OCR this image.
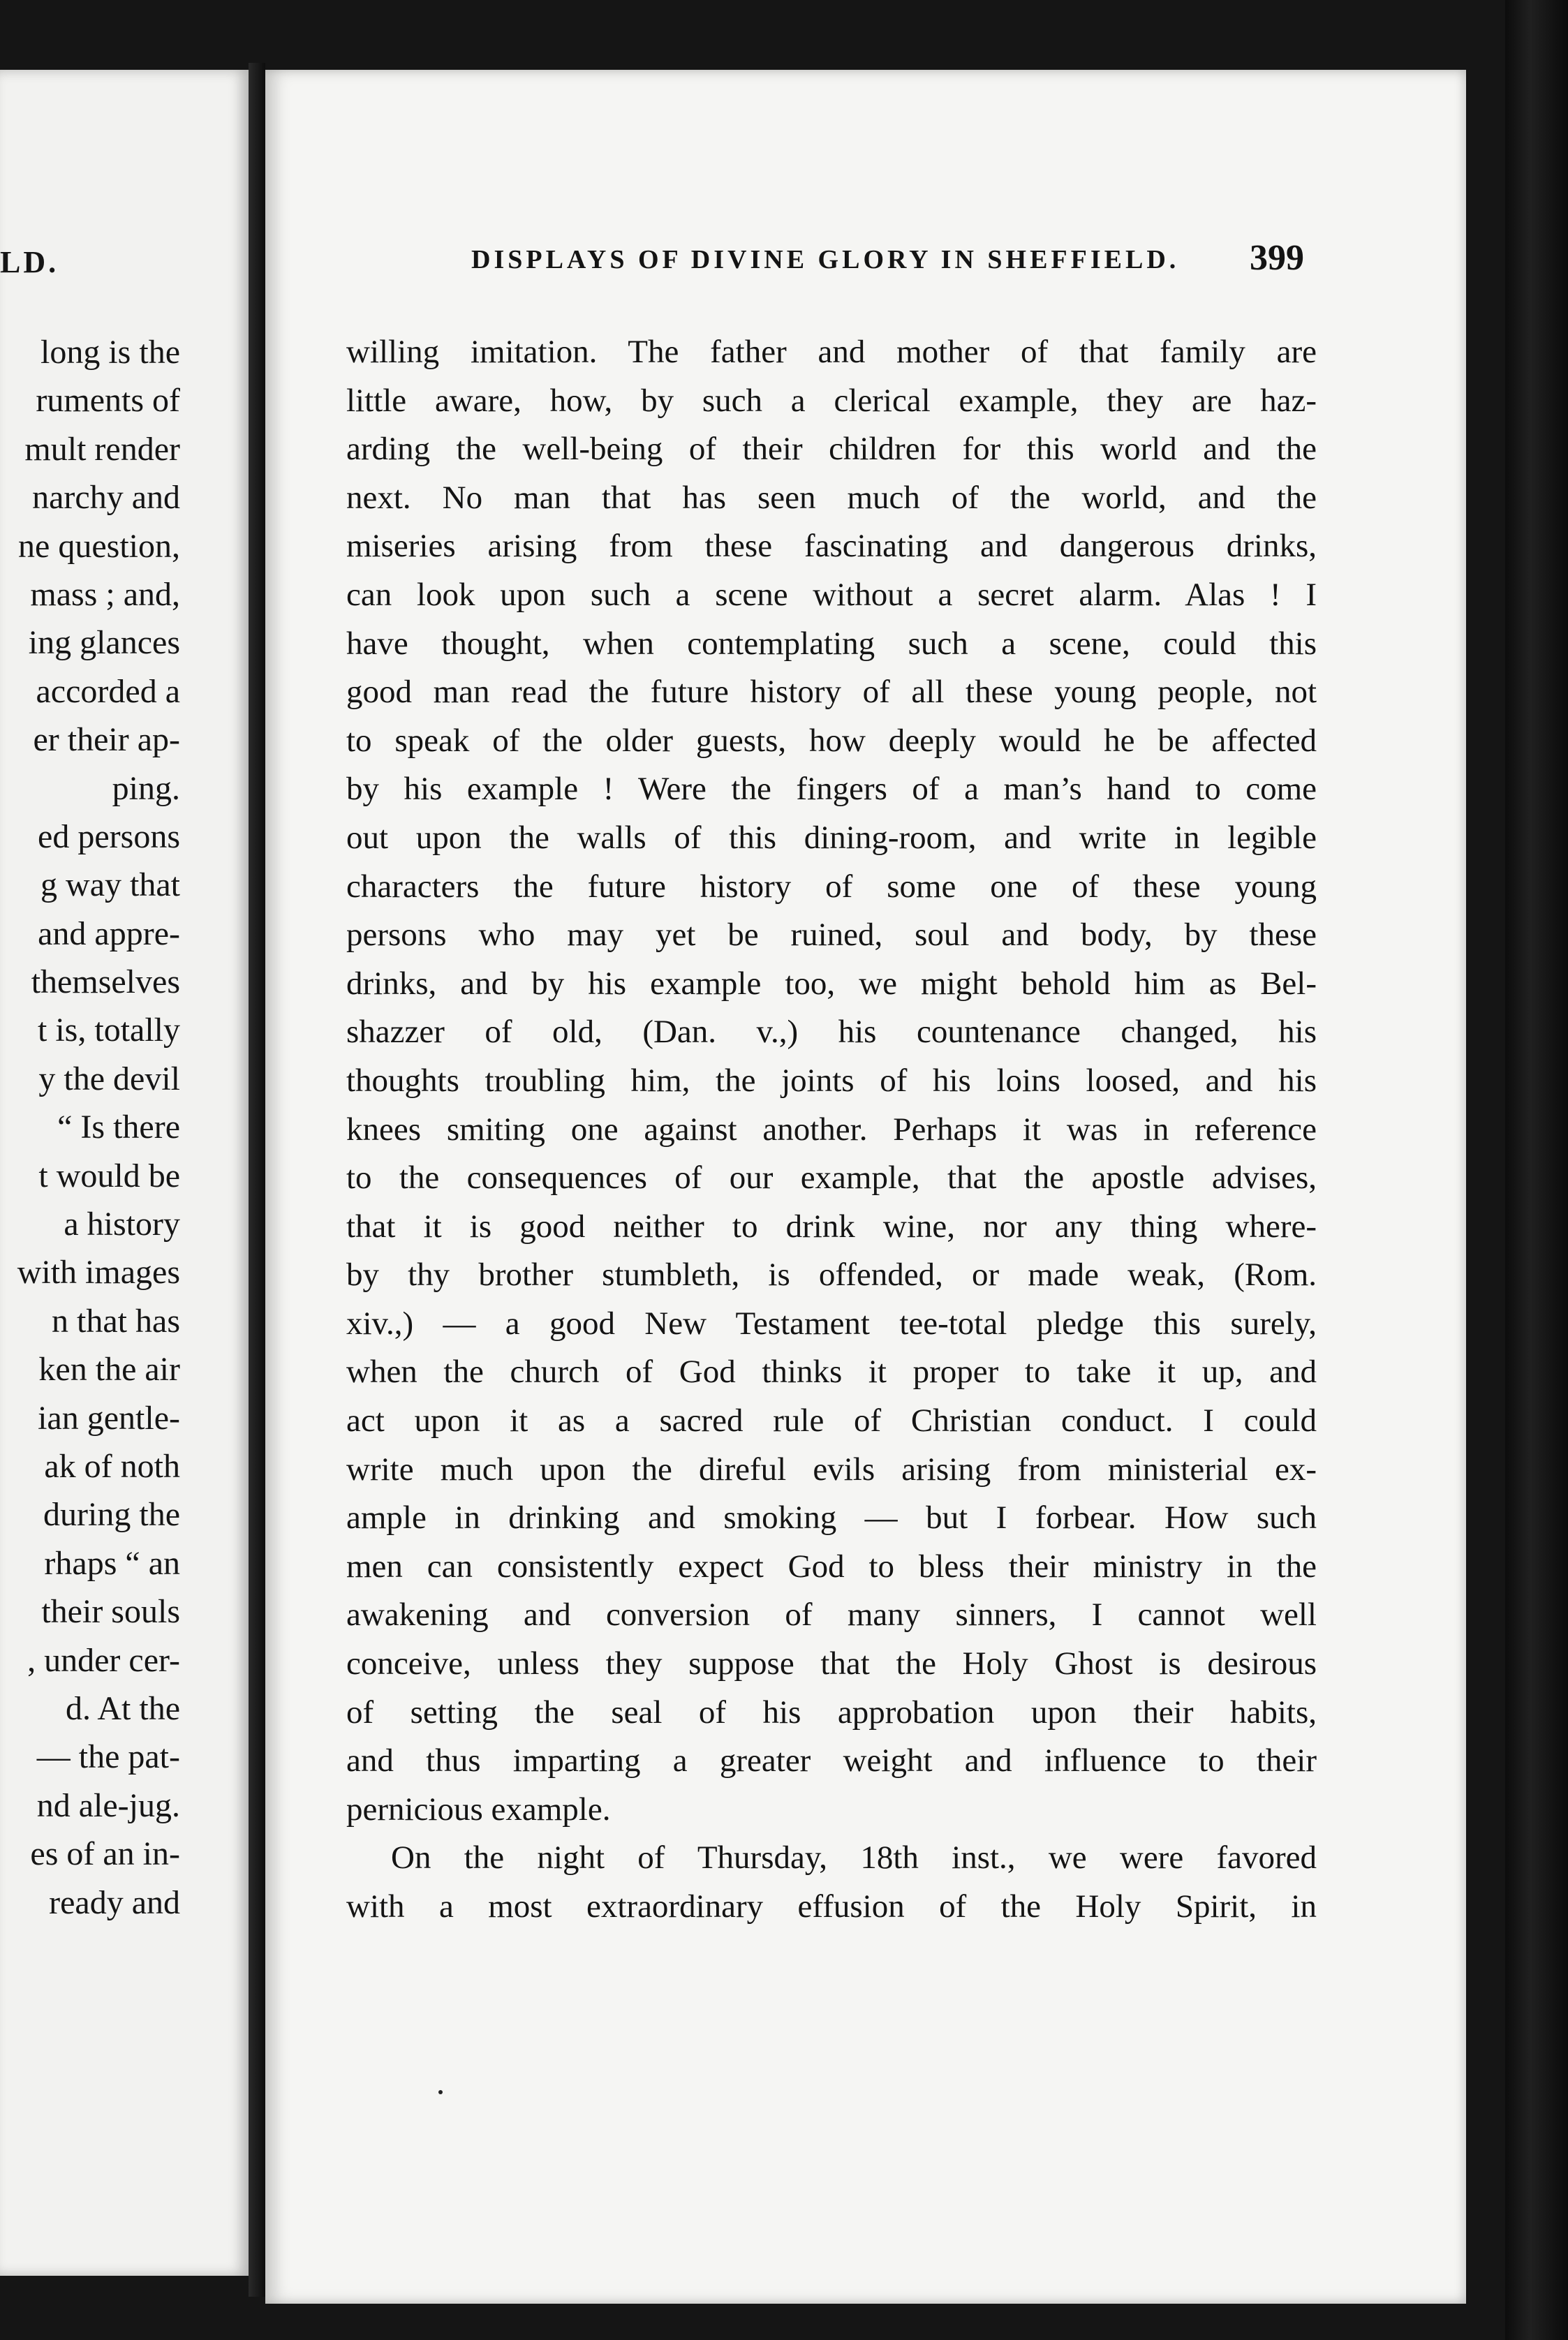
LD.
long is the
ruments of
mult render
narchy and
ne question,
mass ; and,
ing glances
accorded a
er their ap-
ping.
ed persons
g way that
and appre-
themselves
t is, totally
y the devil
“ Is there
t would be
a history
with images
n that has
ken the air
ian gentle-
ak of noth
during the
rhaps “ an
their souls
, under cer-
d. At the
— the pat-
nd ale-jug.
es of an in-
ready and
DISPLAYS OF DIVINE GLORY IN SHEFFIELD. 399
willing imitation. The father and mother of that family are
little aware, how, by such a clerical example, they are haz-
arding the well-being of their children for this world and the
next. No man that has seen much of the world, and the
miseries arising from these fascinating and dangerous drinks,
can look upon such a scene without a secret alarm. Alas ! I
have thought, when contemplating such a scene, could this
good man read the future history of all these young people, not
to speak of the older guests, how deeply would he be affected
by his example ! Were the fingers of a man’s hand to come
out upon the walls of this dining-room, and write in legible
characters the future history of some one of these young
persons who may yet be ruined, soul and body, by these
drinks, and by his example too, we might behold him as Bel-
shazzer of old, (Dan. v.,) his countenance changed, his
thoughts troubling him, the joints of his loins loosed, and his
knees smiting one against another. Perhaps it was in reference
to the consequences of our example, that the apostle advises,
that it is good neither to drink wine, nor any thing where-
by thy brother stumbleth, is offended, or made weak, (Rom.
xiv.,) — a good New Testament tee-total pledge this surely,
when the church of God thinks it proper to take it up, and
act upon it as a sacred rule of Christian conduct. I could
write much upon the direful evils arising from ministerial ex-
ample in drinking and smoking — but I forbear. How such
men can consistently expect God to bless their ministry in the
awakening and conversion of many sinners, I cannot well
conceive, unless they suppose that the Holy Ghost is desirous
of setting the seal of his approbation upon their habits,
and thus imparting a greater weight and influence to their
pernicious example.
On the night of Thursday, 18th inst., we were favored
with a most extraordinary effusion of the Holy Spirit, in
